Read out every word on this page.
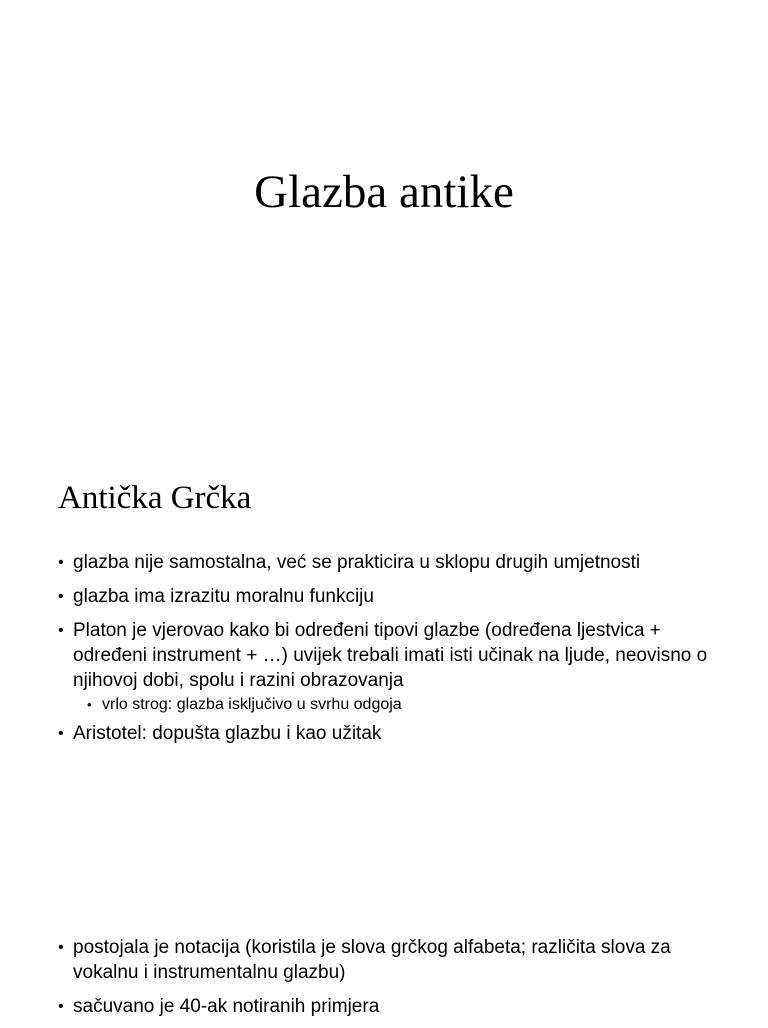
Glazba antike
Antička Grčka
• glazba nije samostalna, već se prakticira u sklopu drugih umjetnosti
• glazba ima izrazitu moralnu funkciju
• Platon je vjerovao kako bi određeni tipovi glazbe (određena ljestvica + određeni instrument + …) uvijek trebali imati isti učinak na ljude, neovisno o njihovoj dobi, spolu i razini obrazovanja
• vrlo strog: glazba isključivo u svrhu odgoja
• Aristotel: dopušta glazbu i kao užitak
• postojala je notacija (koristila je slova grčkog alfabeta; različita slova za vokalnu i instrumentalnu glazbu)
• sačuvano je 40-ak notiranih primjera
